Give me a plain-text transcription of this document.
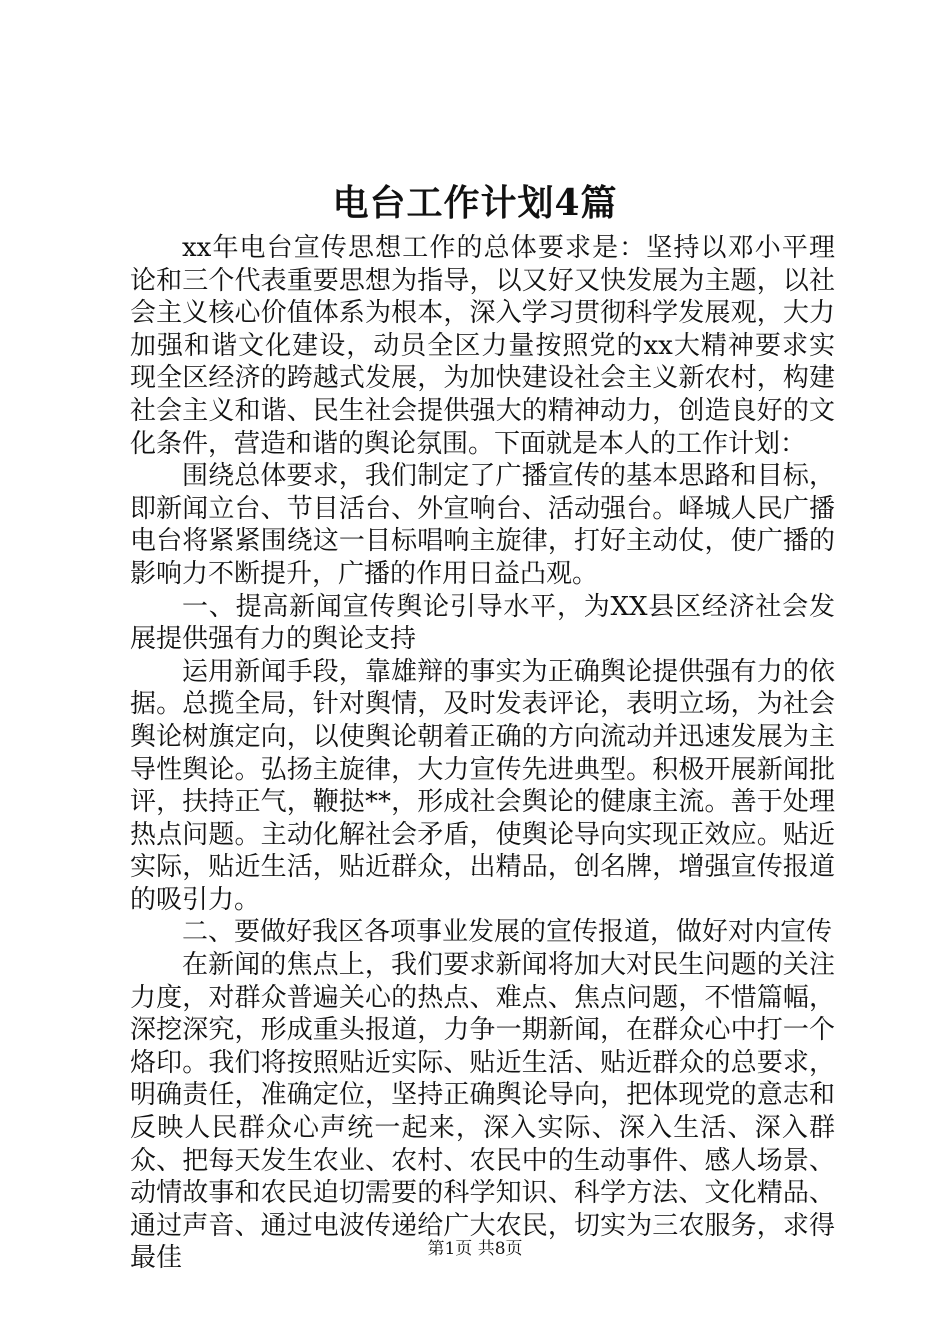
电台工作计划4篇

xx年电台宣传思想工作的总体要求是：坚持以邓小平理论和三个代表重要思想为指导，以又好又快发展为主题，以社会主义核心价值体系为根本，深入学习贯彻科学发展观，大力加强和谐文化建设，动员全区力量按照党的xx大精神要求实现全区经济的跨越式发展，为加快建设社会主义新农村，构建社会主义和谐、民生社会提供强大的精神动力，创造良好的文化条件，营造和谐的舆论氛围。下面就是本人的工作计划：

围绕总体要求，我们制定了广播宣传的基本思路和目标，即新闻立台、节目活台、外宣响台、活动强台。峄城人民广播电台将紧紧围绕这一目标唱响主旋律，打好主动仗，使广播的影响力不断提升，广播的作用日益凸观。

一、提高新闻宣传舆论引导水平，为XX县区经济社会发展提供强有力的舆论支持

运用新闻手段，靠雄辩的事实为正确舆论提供强有力的依据。总揽全局，针对舆情，及时发表评论，表明立场，为社会舆论树旗定向，以使舆论朝着正确的方向流动并迅速发展为主导性舆论。弘扬主旋律，大力宣传先进典型。积极开展新闻批评，扶持正气，鞭挞**，形成社会舆论的健康主流。善于处理热点问题。主动化解社会矛盾，使舆论导向实现正效应。贴近实际，贴近生活，贴近群众，出精品，创名牌，增强宣传报道的吸引力。

二、要做好我区各项事业发展的宣传报道，做好对内宣传

在新闻的焦点上，我们要求新闻将加大对民生问题的关注力度，对群众普遍关心的热点、难点、焦点问题，不惜篇幅，深挖深究，形成重头报道，力争一期新闻，在群众心中打一个烙印。我们将按照贴近实际、贴近生活、贴近群众的总要求，明确责任，准确定位，坚持正确舆论导向，把体现党的意志和反映人民群众心声统一起来，深入实际、深入生活、深入群众、把每天发生农业、农村、农民中的生动事件、感人场景、动情故事和农民迫切需要的科学知识、科学方法、文化精品、通过声音、通过电波传递给广大农民，切实为三农服务，求得最佳	第1页 共8页
